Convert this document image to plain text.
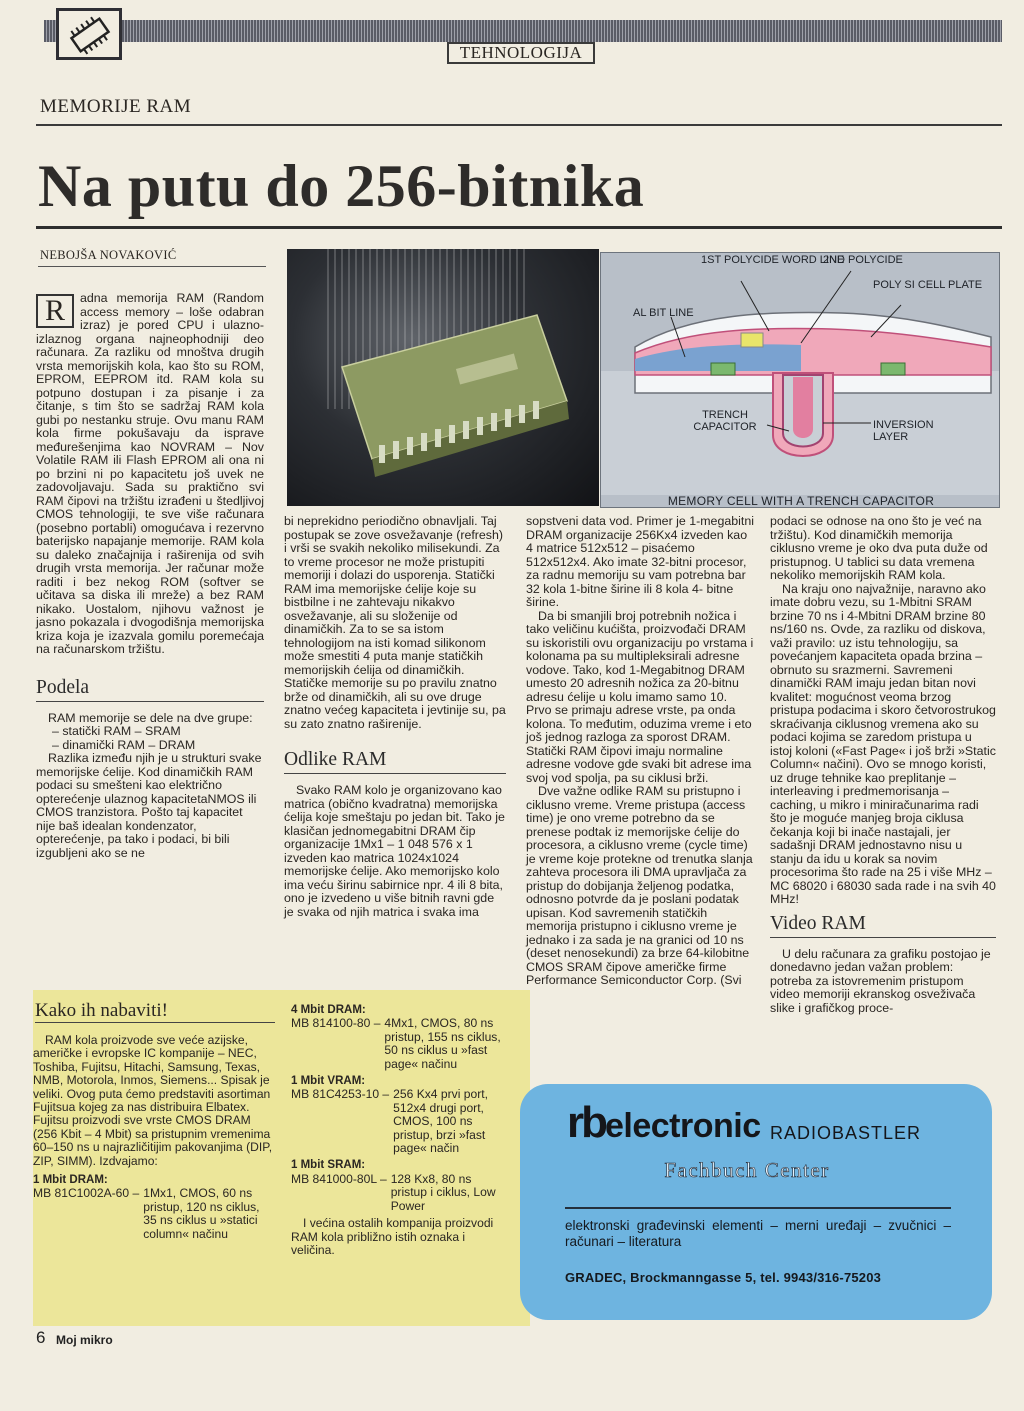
TEHNOLOGIJA
MEMORIJE RAM
Na putu do 256-bitnika
NEBOJŠA NOVAKOVIĆ	1ST POLYCIDE WORD LINE
2ND POLYCIDE
POLY SI CELL PLATE
AL BIT LINE
TRENCH CAPACITOR	INVERSION LAYER
MEMORY CELL WITH A TRENCH CAPACITOR

R	adna memorija RAM (Random access memory – loše odabran izraz) je pored CPU i ulazno-izlaznog organa najneophodniji deo računara. Za razliku od mnoštva drugih vrsta memorijskih kola, kao što su ROM, EPROM, EEPROM itd. RAM kola su potpuno dostupan i za pisanje i za čitanje, s tim što se sadržaj RAM kola gubi po nestanku struje. Ovu manu RAM kola firme pokušavaju da isprave međurešenjima kao NOVRAM – Nov Volatile RAM ili Flash EPROM ali ona ni po brzini ni po kapacitetu još uvek ne zadovoljavaju. Sada su praktično svi RAM čipovi na tržištu izrađeni u štedljivoj CMOS tehnologiji, te sve više računara (posebno portabli) omogućava i rezervno baterijsko napajanje memorije. RAM kola su daleko značajnija i raširenija od svih drugih vrsta memorija. Jer računar može raditi i bez nekog ROM (softver se učitava sa diska ili mreže) a bez RAM nikako. Uostalom, njihovu važnost je jasno pokazala i dvogodišnja memorijska kriza koja je izazvala gomilu poremećaja na računarskom tržištu.

Podela

RAM memorije se dele na dve grupe:

– statički RAM – SRAM
– dinamički RAM – DRAM

Razlika između njih je u strukturi svake memorijske ćelije. Kod dinamičkih RAM podaci su smešteni kao električno opterećenje ulaznog kapacitetaNMOS ili CMOS tranzistora. Pošto taj kapacitet nije baš idealan kondenzator, opterećenje, pa tako i podaci, bi bili izgubljeni ako se ne

bi neprekidno periodično obnavljali. Taj postupak se zove osvežavanje (refresh) i vrši se svakih nekoliko milisekundi. Za to vreme procesor ne može pristupiti memoriji i dolazi do usporenja. Statički RAM ima memorijske ćelije koje su bistbilne i ne zahtevaju nikakvo osvežavanje, ali su složenije od dinamičkih. Za to se sa istom tehnologijom na isti komad silikonom može smestiti 4 puta manje statičkih memorijskih ćelija od dinamičkih. Statičke memorije su po pravilu znatno brže od dinamičkih, ali su ove druge znatno većeg kapaciteta i jevtinije su, pa su zato znatno raširenije.

Odlike RAM

Svako RAM kolo je organizovano kao matrica (obično kvadratna) memorijska ćelija koje smeštaju po jedan bit. Tako je klasičan jednomegabitni DRAM čip organizacije 1Mx1 – 1 048 576 x 1 izveden kao matrica 1024x1024 memorijske ćelije. Ako memorijsko kolo ima veću širinu sabirnice npr. 4 ili 8 bita, ono je izvedeno u više bitnih ravni gde je svaka od njih matrica i svaka ima

sopstveni data vod. Primer je 1-megabitni DRAM organizacije 256Kx4 izveden kao 4 matrice 512x512 – pisaćemo 512x512x4. Ako imate 32-bitni procesor, za radnu memoriju su vam potrebna bar 32 kola 1-bitne širine ili 8 kola 4- bitne širine.

Da bi smanjili broj potrebnih nožica i tako veličinu kućišta, proizvođači DRAM su iskoristili ovu organizaciju po vrstama i kolonama pa su multipleksirali adresne vodove. Tako, kod 1-Megabitnog DRAM umesto 20 adresnih nožica za 20-bitnu adresu ćelije u kolu imamo samo 10. Prvo se primaju adrese vrste, pa onda kolona. To međutim, oduzima vreme i eto još jednog razloga za sporost DRAM. Statički RAM čipovi imaju normaline adresne vodove gde svaki bit adrese ima svoj vod spolja, pa su ciklusi brži.

Dve važne odlike RAM su pristupno i ciklusno vreme. Vreme pristupa (access time) je ono vreme potrebno da se prenese podtak iz memorijske ćelije do procesora, a ciklusno vreme (cycle time) je vreme koje protekne od trenutka slanja zahteva procesora ili DMA upravljača za pristup do dobijanja željenog podatka, odnosno potvrde da je poslani podatak upisan. Kod savremenih statičkih memorija pristupno i ciklusno vreme je jednako i za sada je na granici od 10 ns (deset nenosekundi) za brze 64-kilobitne CMOS SRAM čipove američke firme Performance Semiconductor Corp. (Svi

podaci se odnose na ono što je već na tržištu). Kod dinamičkih memorija ciklusno vreme je oko dva puta duže od pristupnog. U tablici su data vremena nekoliko memorijskih RAM kola.

Na kraju ono najvažnije, naravno ako imate dobru vezu, su 1-Mbitni SRAM brzine 70 ns i 4-Mbitni DRAM brzine 80 ns/160 ns. Ovde, za razliku od diskova, važi pravilo: uz istu tehnologiju, sa povećanjem kapaciteta opada brzina – obrnuto su srazmerni. Savremeni dinamički RAM imaju jedan bitan novi kvalitet: mogućnost veoma brzog pristupa podacima i skoro četvorostrukog skraćivanja ciklusnog vremena ako su podaci kojima se zaredom pristupa u istoj koloni («Fast Page« i još brži »Static Column« načini). Ovo se mnogo koristi, uz druge tehnike kao preplitanje – interleaving i predmemorisanja – caching, u mikro i miniračunarima radi što je moguće manjeg broja ciklusa čekanja koji bi inače nastajali, jer sadašnji DRAM jednostavno nisu u stanju da idu u korak sa novim procesorima što rade na 25 i više MHz – MC 68020 i 68030 sada rade i na svih 40 MHz!

Video RAM

U delu računara za grafiku postojao je donedavno jedan važan problem: potreba za istovremenim pristupom video memoriji ekranskog osveživača slike i grafičkog proce-

Kako ih nabaviti!

RAM kola proizvode sve veće azijske, američke i evropske IC kompanije – NEC, Toshiba, Fujitsu, Hitachi, Samsung, Texas, NMB, Motorola, Inmos, Siemens... Spisak je veliki. Ovog puta ćemo predstaviti asortiman Fujitsua kojeg za nas distribuira Elbatex. Fujitsu proizvodi sve vrste CMOS DRAM (256 Kbit – 4 Mbit) sa pristupnim vremenima 60–150 ns u najrazličitijim pakovanjima (DIP, ZIP, SIMM). Izdvajamo:

1 Mbit DRAM:
MB 81C1002A-60 – 1Mx1, CMOS, 60 ns pristup, 120 ns ciklus, 35 ns ciklus u »statici column« načinu
4 Mbit DRAM:
MB 814100-80 – 4Mx1, CMOS, 80 ns pristup, 155 ns ciklus, 50 ns ciklus u »fast page« načinu
1 Mbit VRAM:
MB 81C4253-10 – 256 Kx4 prvi port, 512x4 drugi port, CMOS, 100 ns pristup, brzi »fast page« način
1 Mbit SRAM:
MB 841000-80L – 128 Kx8, 80 ns pristup i ciklus, Low Power

I većina ostalih kompanija proizvodi RAM kola približno istih oznaka i veličina.

rbelectronic RADIOBASTLER
Fachbuch Center
elektronski građevinski elementi – merni uređaji – zvučnici – računari – literatura
GRADEC, Brockmanngasse 5, tel. 9943/316-75203
6 Moj mikro
